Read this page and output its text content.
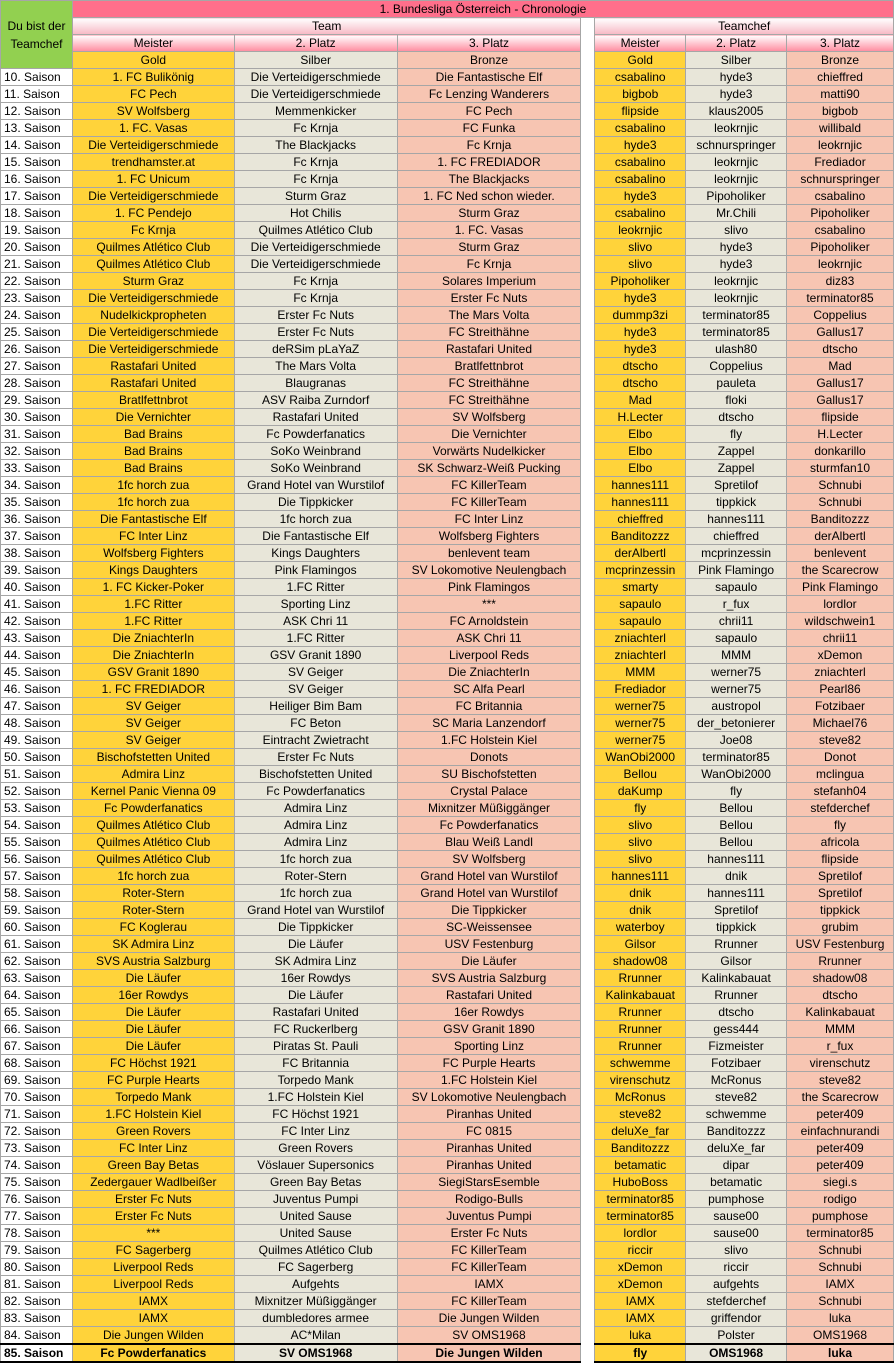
Du bist der Teamchef	1. Bundesliga Österreich - Chronologie						
	Team				Teamchef		
	Meister	2. Platz	3. Platz		Meister	2. Platz	3. Platz
	Gold	Silber	Bronze		Gold	Silber	Bronze
10. Saison	1. FC Bulikönig	Die Verteidigerschmiede	Die Fantastische Elf		csabalino	hyde3	chieffred
11. Saison	FC Pech	Die Verteidigerschmiede	Fc Lenzing Wanderers		bigbob	hyde3	matti90
12. Saison	SV Wolfsberg	Memmenkicker	FC Pech		flipside	klaus2005	bigbob
13. Saison	1. FC. Vasas	Fc Krnja	FC Funka		csabalino	leokrnjic	willibald
14. Saison	Die Verteidigerschmiede	The Blackjacks	Fc Krnja		hyde3	schnurspringer	leokrnjic
15. Saison	trendhamster.at	Fc Krnja	1. FC FREDIADOR		csabalino	leokrnjic	Frediador
16. Saison	1. FC Unicum	Fc Krnja	The Blackjacks		csabalino	leokrnjic	schnurspringer
17. Saison	Die Verteidigerschmiede	Sturm Graz	1. FC Ned schon wieder.		hyde3	Pipoholiker	csabalino
18. Saison	1. FC Pendejo	Hot Chilis	Sturm Graz		csabalino	Mr.Chili	Pipoholiker
19. Saison	Fc Krnja	Quilmes Atlético Club	1. FC. Vasas		leokrnjic	slivo	csabalino
20. Saison	Quilmes Atlético Club	Die Verteidigerschmiede	Sturm Graz		slivo	hyde3	Pipoholiker
21. Saison	Quilmes Atlético Club	Die Verteidigerschmiede	Fc Krnja		slivo	hyde3	leokrnjic
22. Saison	Sturm Graz	Fc Krnja	Solares Imperium		Pipoholiker	leokrnjic	diz83
23. Saison	Die Verteidigerschmiede	Fc Krnja	Erster Fc Nuts		hyde3	leokrnjic	terminator85
24. Saison	Nudelkickpropheten	Erster Fc Nuts	The Mars Volta		dummp3zi	terminator85	Coppelius
25. Saison	Die Verteidigerschmiede	Erster Fc Nuts	FC Streithähne		hyde3	terminator85	Gallus17
26. Saison	Die Verteidigerschmiede	deRSim pLaYaZ	Rastafari United		hyde3	ulash80	dtscho
27. Saison	Rastafari United	The Mars Volta	Bratlfettnbrot		dtscho	Coppelius	Mad
28. Saison	Rastafari United	Blaugranas	FC Streithähne		dtscho	pauleta	Gallus17
29. Saison	Bratlfettnbrot	ASV Raiba Zurndorf	FC Streithähne		Mad	floki	Gallus17
30. Saison	Die Vernichter	Rastafari United	SV Wolfsberg		H.Lecter	dtscho	flipside
31. Saison	Bad Brains	Fc Powderfanatics	Die Vernichter		Elbo	fly	H.Lecter
32. Saison	Bad Brains	SoKo Weinbrand	Vorwärts Nudelkicker		Elbo	Zappel	donkarillo
33. Saison	Bad Brains	SoKo Weinbrand	SK Schwarz-Weiß Pucking		Elbo	Zappel	sturmfan10
34. Saison	1fc horch zua	Grand Hotel van Wurstilof	FC KillerTeam		hannes111	Spretilof	Schnubi
35. Saison	1fc horch zua	Die Tippkicker	FC KillerTeam		hannes111	tippkick	Schnubi
36. Saison	Die Fantastische Elf	1fc horch zua	FC Inter Linz		chieffred	hannes111	Banditozzz
37. Saison	FC Inter Linz	Die Fantastische Elf	Wolfsberg Fighters		Banditozzz	chieffred	derAlbertl
38. Saison	Wolfsberg Fighters	Kings Daughters	benlevent team		derAlbertl	mcprinzessin	benlevent
39. Saison	Kings Daughters	Pink Flamingos	SV Lokomotive Neulengbach		mcprinzessin	Pink Flamingo	the Scarecrow
40. Saison	1. FC Kicker-Poker	1.FC Ritter	Pink Flamingos		smarty	sapaulo	Pink Flamingo
41. Saison	1.FC Ritter	Sporting Linz	***		sapaulo	r_fux	lordlor
42. Saison	1.FC Ritter	ASK Chri 11	FC Arnoldstein		sapaulo	chrii11	wildschwein1
43. Saison	Die ZniachterIn	1.FC Ritter	ASK Chri 11		zniachterl	sapaulo	chrii11
44. Saison	Die ZniachterIn	GSV Granit 1890	Liverpool Reds		zniachterl	MMM	xDemon
45. Saison	GSV Granit 1890	SV Geiger	Die ZniachterIn		MMM	werner75	zniachterl
46. Saison	1. FC FREDIADOR	SV Geiger	SC Alfa Pearl		Frediador	werner75	Pearl86
47. Saison	SV Geiger	Heiliger Bim Bam	FC Britannia		werner75	austropol	Fotzibaer
48. Saison	SV Geiger	FC Beton	SC Maria Lanzendorf		werner75	der_betonierer	Michael76
49. Saison	SV Geiger	Eintracht Zwietracht	1.FC Holstein Kiel		werner75	Joe08	steve82
50. Saison	Bischofstetten United	Erster Fc Nuts	Donots		WanObi2000	terminator85	Donot
51. Saison	Admira Linz	Bischofstetten United	SU Bischofstetten		Bellou	WanObi2000	mclingua
52. Saison	Kernel Panic Vienna 09	Fc Powderfanatics	Crystal Palace		daKump	fly	stefanh04
53. Saison	Fc Powderfanatics	Admira Linz	Mixnitzer Müßiggänger		fly	Bellou	stefderchef
54. Saison	Quilmes Atlético Club	Admira Linz	Fc Powderfanatics		slivo	Bellou	fly
55. Saison	Quilmes Atlético Club	Admira Linz	Blau Weiß Landl		slivo	Bellou	africola
56. Saison	Quilmes Atlético Club	1fc horch zua	SV Wolfsberg		slivo	hannes111	flipside
57. Saison	1fc horch zua	Roter-Stern	Grand Hotel van Wurstilof		hannes111	dnik	Spretilof
58. Saison	Roter-Stern	1fc horch zua	Grand Hotel van Wurstilof		dnik	hannes111	Spretilof
59. Saison	Roter-Stern	Grand Hotel van Wurstilof	Die Tippkicker		dnik	Spretilof	tippkick
60. Saison	FC Koglerau	Die Tippkicker	SC-Weissensee		waterboy	tippkick	grubim
61. Saison	SK Admira Linz	Die Läufer	USV Festenburg		Gilsor	Rrunner	USV Festenburg
62. Saison	SVS Austria Salzburg	SK Admira Linz	Die Läufer		shadow08	Gilsor	Rrunner
63. Saison	Die Läufer	16er Rowdys	SVS Austria Salzburg		Rrunner	Kalinkabauat	shadow08
64. Saison	16er Rowdys	Die Läufer	Rastafari United		Kalinkabauat	Rrunner	dtscho
65. Saison	Die Läufer	Rastafari United	16er Rowdys		Rrunner	dtscho	Kalinkabauat
66. Saison	Die Läufer	FC Ruckerlberg	GSV Granit 1890		Rrunner	gess444	MMM
67. Saison	Die Läufer	Piratas St. Pauli	Sporting Linz		Rrunner	Fizmeister	r_fux
68. Saison	FC Höchst 1921	FC Britannia	FC Purple Hearts		schwemme	Fotzibaer	virenschutz
69. Saison	FC Purple Hearts	Torpedo Mank	1.FC Holstein Kiel		virenschutz	McRonus	steve82
70. Saison	Torpedo Mank	1.FC Holstein Kiel	SV Lokomotive Neulengbach		McRonus	steve82	the Scarecrow
71. Saison	1.FC Holstein Kiel	FC Höchst 1921	Piranhas United		steve82	schwemme	peter409
72. Saison	Green Rovers	FC Inter Linz	FC 0815		deluXe_far	Banditozzz	einfachnurandi
73. Saison	FC Inter Linz	Green Rovers	Piranhas United		Banditozzz	deluXe_far	peter409
74. Saison	Green Bay Betas	Vöslauer Supersonics	Piranhas United		betamatic	dipar	peter409
75. Saison	Zedergauer Wadlbeißer	Green Bay Betas	SiegiStarsEsemble		HuboBoss	betamatic	siegi.s
76. Saison	Erster Fc Nuts	Juventus Pumpi	Rodigo-Bulls		terminator85	pumphose	rodigo
77. Saison	Erster Fc Nuts	United Sause	Juventus Pumpi		terminator85	sause00	pumphose
78. Saison	***	United Sause	Erster Fc Nuts		lordlor	sause00	terminator85
79. Saison	FC Sagerberg	Quilmes Atlético Club	FC KillerTeam		riccir	slivo	Schnubi
80. Saison	Liverpool Reds	FC Sagerberg	FC KillerTeam		xDemon	riccir	Schnubi
81. Saison	Liverpool Reds	Aufgehts	IAMX		xDemon	aufgehts	IAMX
82. Saison	IAMX	Mixnitzer Müßiggänger	FC KillerTeam		IAMX	stefderchef	Schnubi
83. Saison	IAMX	dumbledores armee	Die Jungen Wilden		IAMX	griffendor	luka
84. Saison	Die Jungen Wilden	AC*Milan	SV OMS1968		luka	Polster	OMS1968
85. Saison	Fc Powderfanatics	SV OMS1968	Die Jungen Wilden		fly	OMS1968	luka
